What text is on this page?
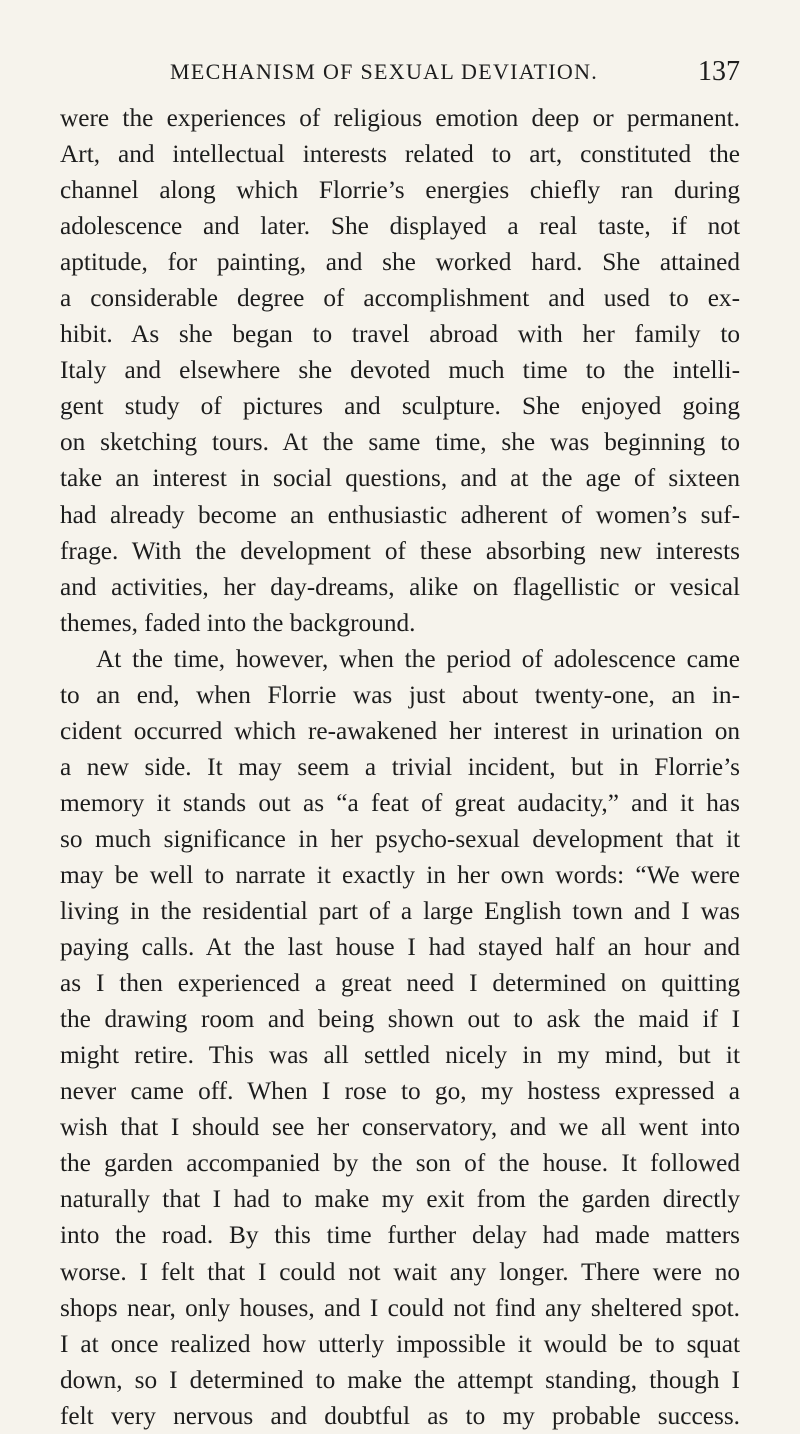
MECHANISM OF SEXUAL DEVIATION.	137
were the experiences of religious emotion deep or permanent.
Art, and intellectual interests related to art, constituted the
channel along which Florrie’s energies chiefly ran during
adolescence and later. She displayed a real taste, if not
aptitude, for painting, and she worked hard. She attained
a considerable degree of accomplishment and used to ex-
hibit. As she began to travel abroad with her family to
Italy and elsewhere she devoted much time to the intelli-
gent study of pictures and sculpture. She enjoyed going
on sketching tours. At the same time, she was beginning to
take an interest in social questions, and at the age of sixteen
had already become an enthusiastic adherent of women’s suf-
frage. With the development of these absorbing new interests
and activities, her day-dreams, alike on flagellistic or vesical
themes, faded into the background.
At the time, however, when the period of adolescence came
to an end, when Florrie was just about twenty-one, an in-
cident occurred which re-awakened her interest in urination on
a new side. It may seem a trivial incident, but in Florrie’s
memory it stands out as “a feat of great audacity,” and it has
so much significance in her psycho-sexual development that it
may be well to narrate it exactly in her own words: “We were
living in the residential part of a large English town and I was
paying calls. At the last house I had stayed half an hour and
as I then experienced a great need I determined on quitting
the drawing room and being shown out to ask the maid if I
might retire. This was all settled nicely in my mind, but it
never came off. When I rose to go, my hostess expressed a
wish that I should see her conservatory, and we all went into
the garden accompanied by the son of the house. It followed
naturally that I had to make my exit from the garden directly
into the road. By this time further delay had made matters
worse. I felt that I could not wait any longer. There were no
shops near, only houses, and I could not find any sheltered spot.
I at once realized how utterly impossible it would be to squat
down, so I determined to make the attempt standing, though I
felt very nervous and doubtful as to my probable success.
